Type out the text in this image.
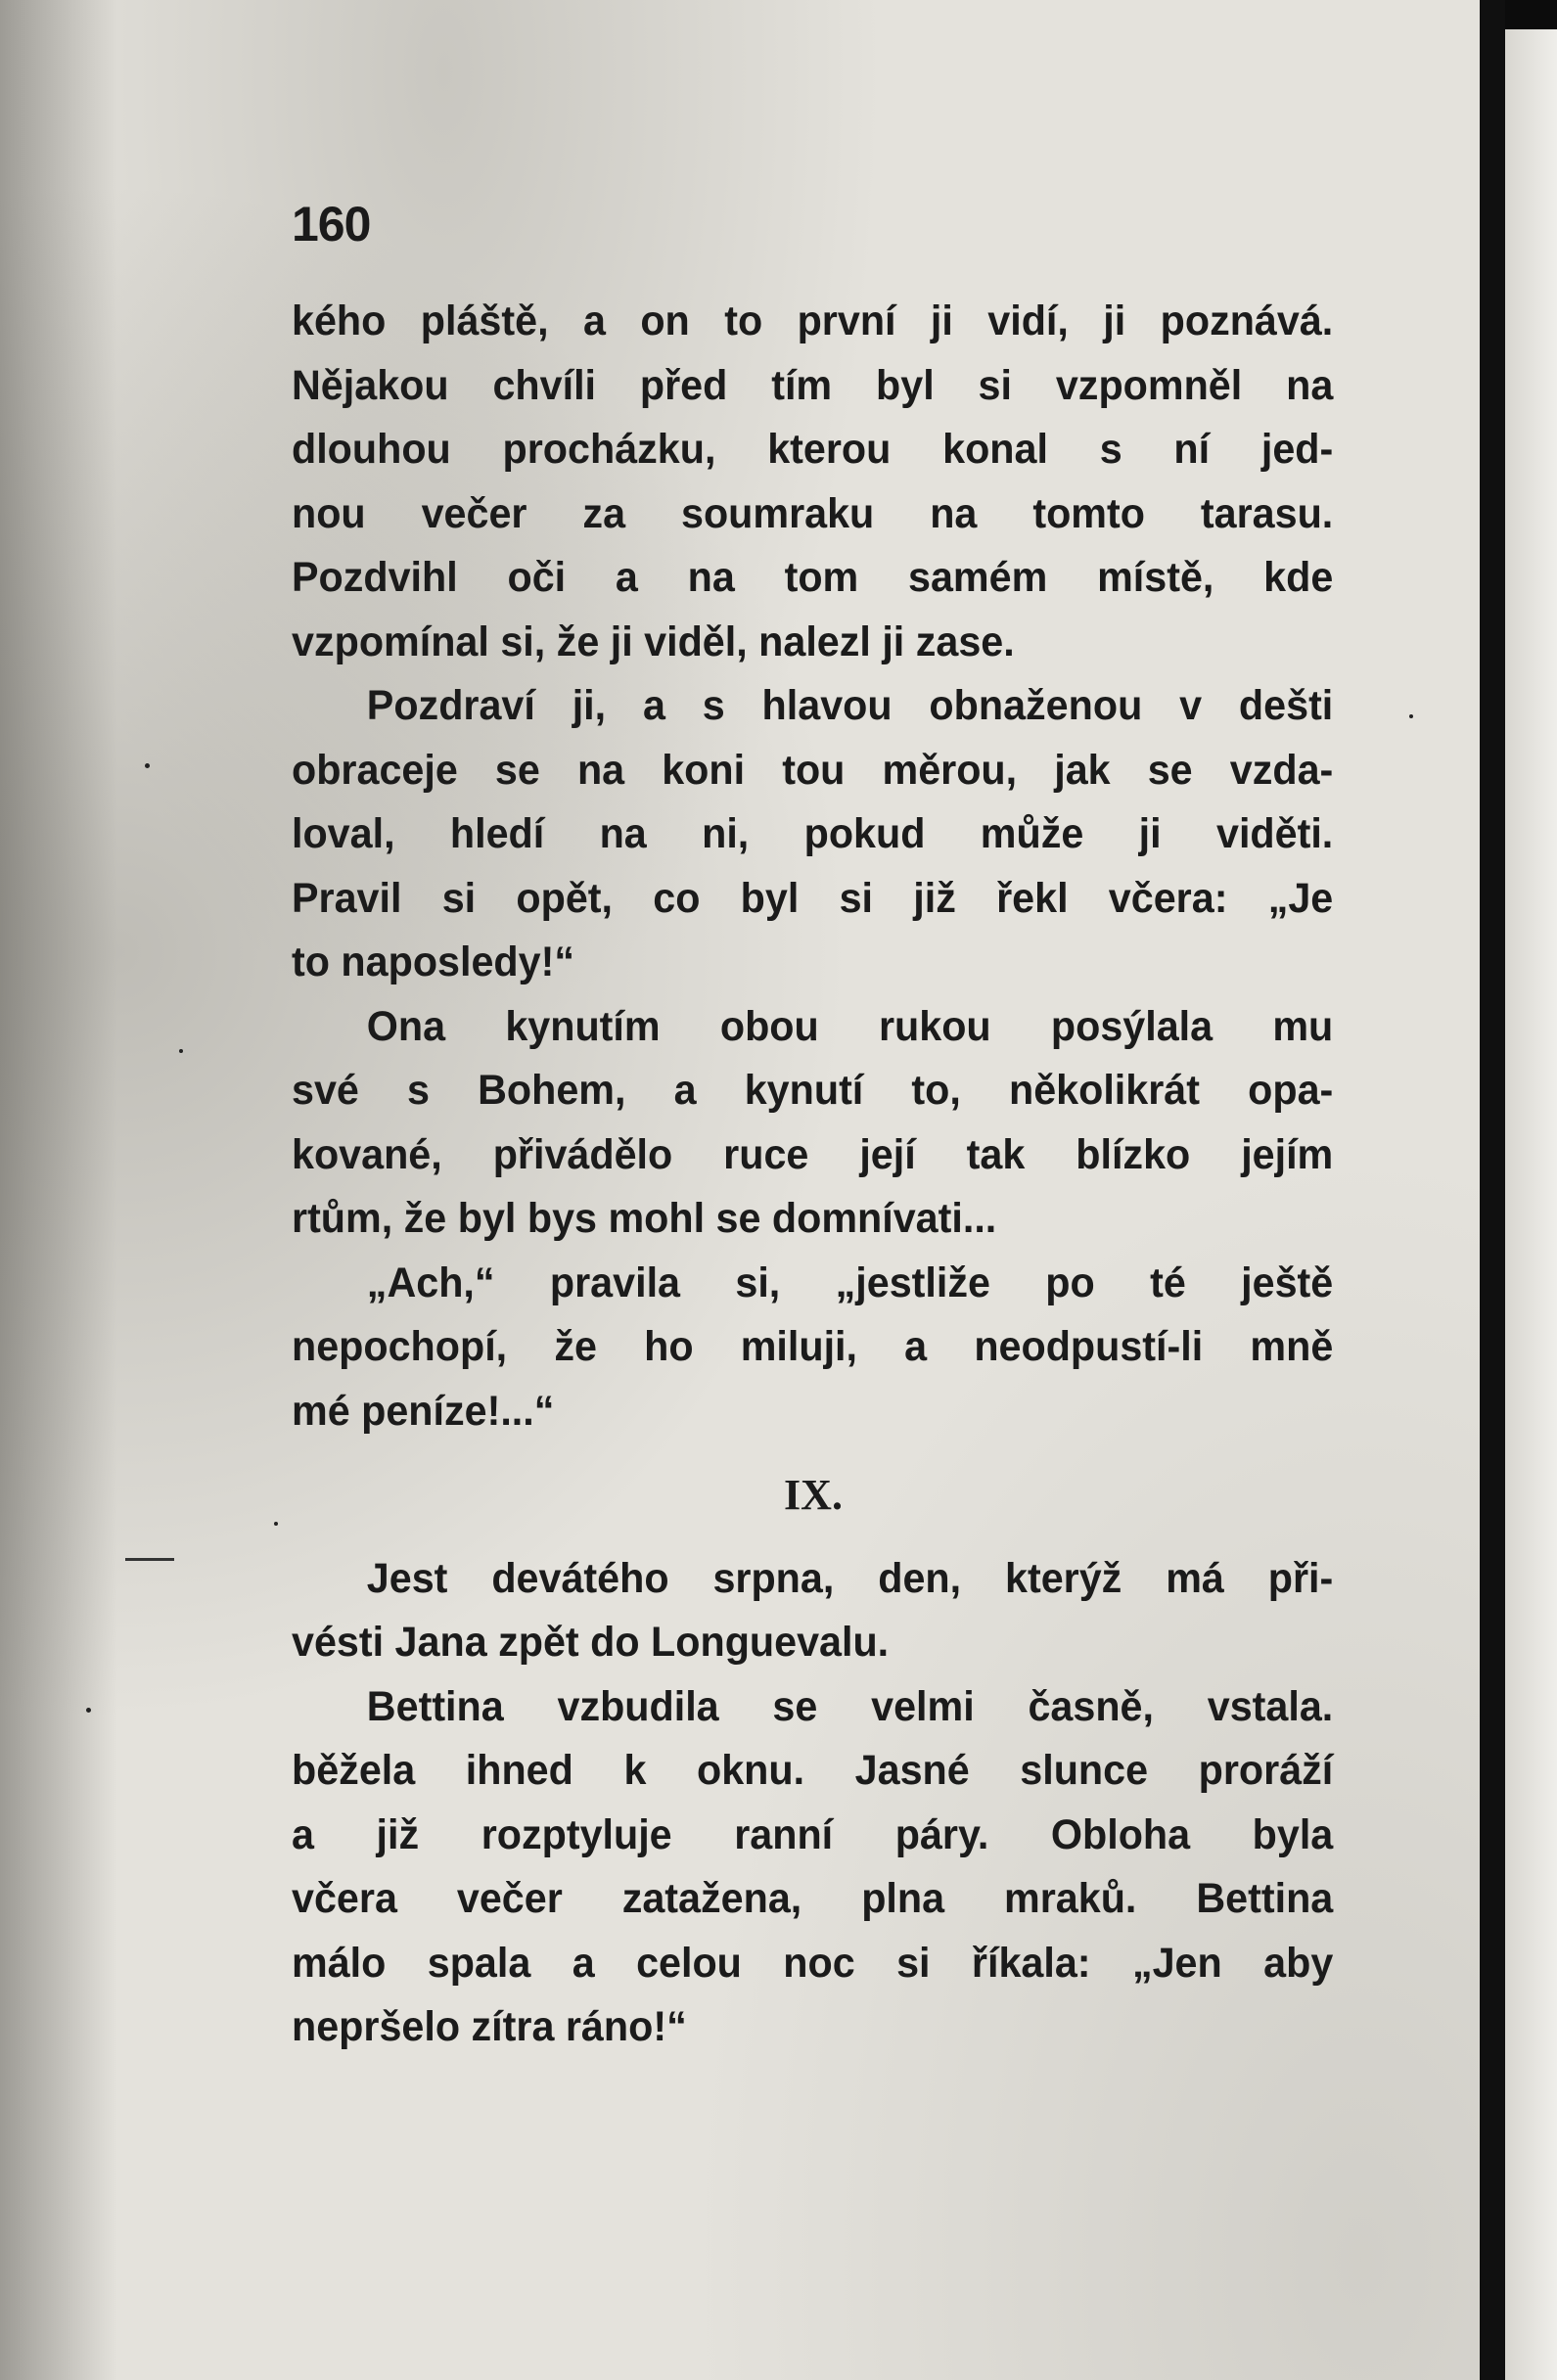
160
kého pláště, a on to první ji vidí, ji poznává.
Nějakou chvíli před tím byl si vzpomněl na
dlouhou procházku, kterou konal s ní jed-
nou večer za soumraku na tomto tarasu.
Pozdvihl oči a na tom samém místě, kde
vzpomínal si, že ji viděl, nalezl ji zase.
Pozdraví ji, a s hlavou obnaženou v dešti
obraceje se na koni tou měrou, jak se vzda-
loval, hledí na ni, pokud může ji viděti.
Pravil si opět, co byl si již řekl včera: „Je
to naposledy!“
Ona kynutím obou rukou posýlala mu
své s Bohem, a kynutí to, několikrát opa-
kované, přivádělo ruce její tak blízko jejím
rtům, že byl bys mohl se domnívati...
„Ach,“ pravila si, „jestliže po té ještě
nepochopí, že ho miluji, a neodpustí-li mně
mé peníze!...“
IX.
Jest devátého srpna, den, kterýž má při-
vésti Jana zpět do Longuevalu.
Bettina vzbudila se velmi časně, vstala.
běžela ihned k oknu. Jasné slunce proráží
a již rozptyluje ranní páry. Obloha byla
včera večer zatažena, plna mraků. Bettina
málo spala a celou noc si říkala: „Jen aby
nepršelo zítra ráno!“
